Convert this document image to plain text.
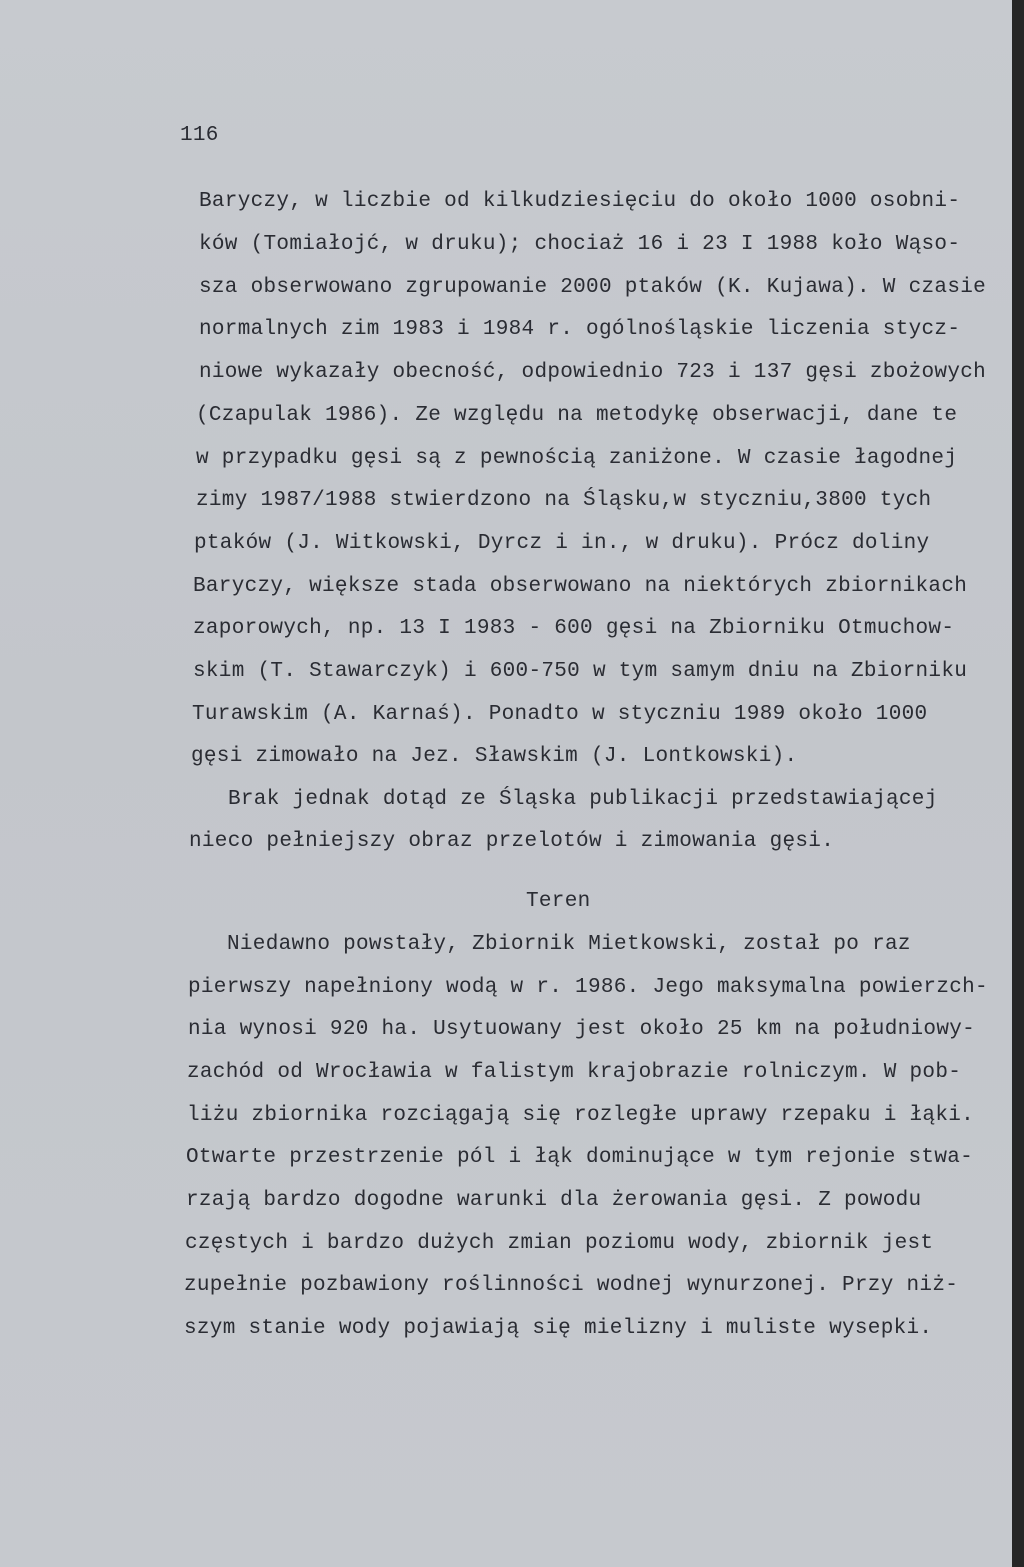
116
Baryczy, w liczbie od kilkudziesięciu do około 1000 osobni-
ków (Tomiałojć, w druku); chociaż 16 i 23 I 1988 koło Wąso-
sza obserwowano zgrupowanie 2000 ptaków (K. Kujawa). W czasie
normalnych zim 1983 i 1984 r. ogólnośląskie liczenia stycz-
niowe wykazały obecność, odpowiednio 723 i 137 gęsi zbożowych
(Czapulak 1986). Ze względu na metodykę obserwacji, dane te
w przypadku gęsi są z pewnością zaniżone. W czasie łagodnej
zimy 1987/1988 stwierdzono na Śląsku,w styczniu,3800 tych
ptaków (J. Witkowski, Dyrcz i in., w druku). Prócz doliny
Baryczy, większe stada obserwowano na niektórych zbiornikach
zaporowych, np. 13 I 1983 - 600 gęsi na Zbiorniku Otmuchow-
skim (T. Stawarczyk) i 600-750 w tym samym dniu na Zbiorniku
Turawskim (A. Karnaś). Ponadto w styczniu 1989 około 1000
gęsi zimowało na Jez. Sławskim (J. Lontkowski).
Brak jednak dotąd ze Śląska publikacji przedstawiającej
nieco pełniejszy obraz przelotów i zimowania gęsi.
Teren
Niedawno powstały, Zbiornik Mietkowski, został po raz
pierwszy napełniony wodą w r. 1986. Jego maksymalna powierzch-
nia wynosi 920 ha. Usytuowany jest około 25 km na południowy-
zachód od Wrocławia w falistym krajobrazie rolniczym. W pob-
liżu zbiornika rozciągają się rozległe uprawy rzepaku i łąki.
Otwarte przestrzenie pól i łąk dominujące w tym rejonie stwa-
rzają bardzo dogodne warunki dla żerowania gęsi. Z powodu
częstych i bardzo dużych zmian poziomu wody, zbiornik jest
zupełnie pozbawiony roślinności wodnej wynurzonej. Przy niż-
szym stanie wody pojawiają się mielizny i muliste wysepki.
